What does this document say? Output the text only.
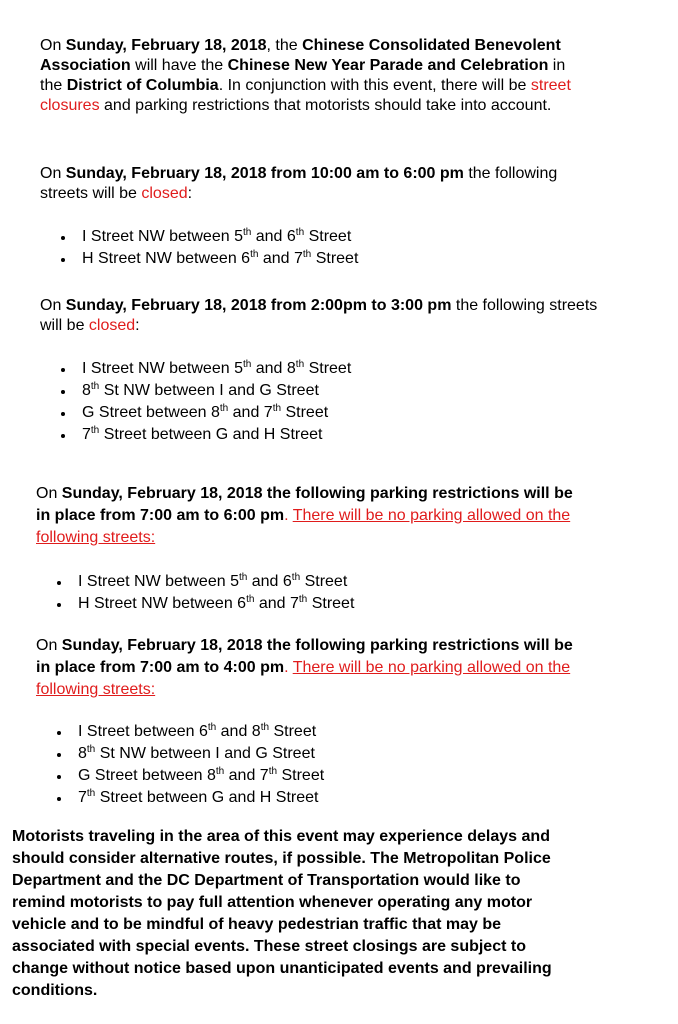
On Sunday, February 18, 2018, the Chinese Consolidated Benevolent Association will have the Chinese New Year Parade and Celebration in the District of Columbia. In conjunction with this event, there will be street closures and parking restrictions that motorists should take into account.

On Sunday, February 18, 2018 from 10:00 am to 6:00 pm the following streets will be closed:

I Street NW between 5th and 6th Street
H Street NW between 6th and 7th Street

On Sunday, February 18, 2018 from 2:00pm to 3:00 pm the following streets will be closed:

I Street NW between 5th and 8th Street
8th St NW between I and G Street
G Street between 8th and 7th Street
7th Street between G and H Street

On Sunday, February 18, 2018 the following parking restrictions will be in place from 7:00 am to 6:00 pm. There will be no parking allowed on the following streets:

I Street NW between 5th and 6th Street
H Street NW between 6th and 7th Street

On Sunday, February 18, 2018 the following parking restrictions will be in place from 7:00 am to 4:00 pm. There will be no parking allowed on the following streets:

I Street between 6th and 8th Street
8th St NW between I and G Street
G Street between 8th and 7th Street
7th Street between G and H Street
Motorists traveling in the area of this event may experience delays and should consider alternative routes, if possible. The Metropolitan Police Department and the DC Department of Transportation would like to remind motorists to pay full attention whenever operating any motor vehicle and to be mindful of heavy pedestrian traffic that may be associated with special events. These street closings are subject to change without notice based upon unanticipated events and prevailing conditions.
